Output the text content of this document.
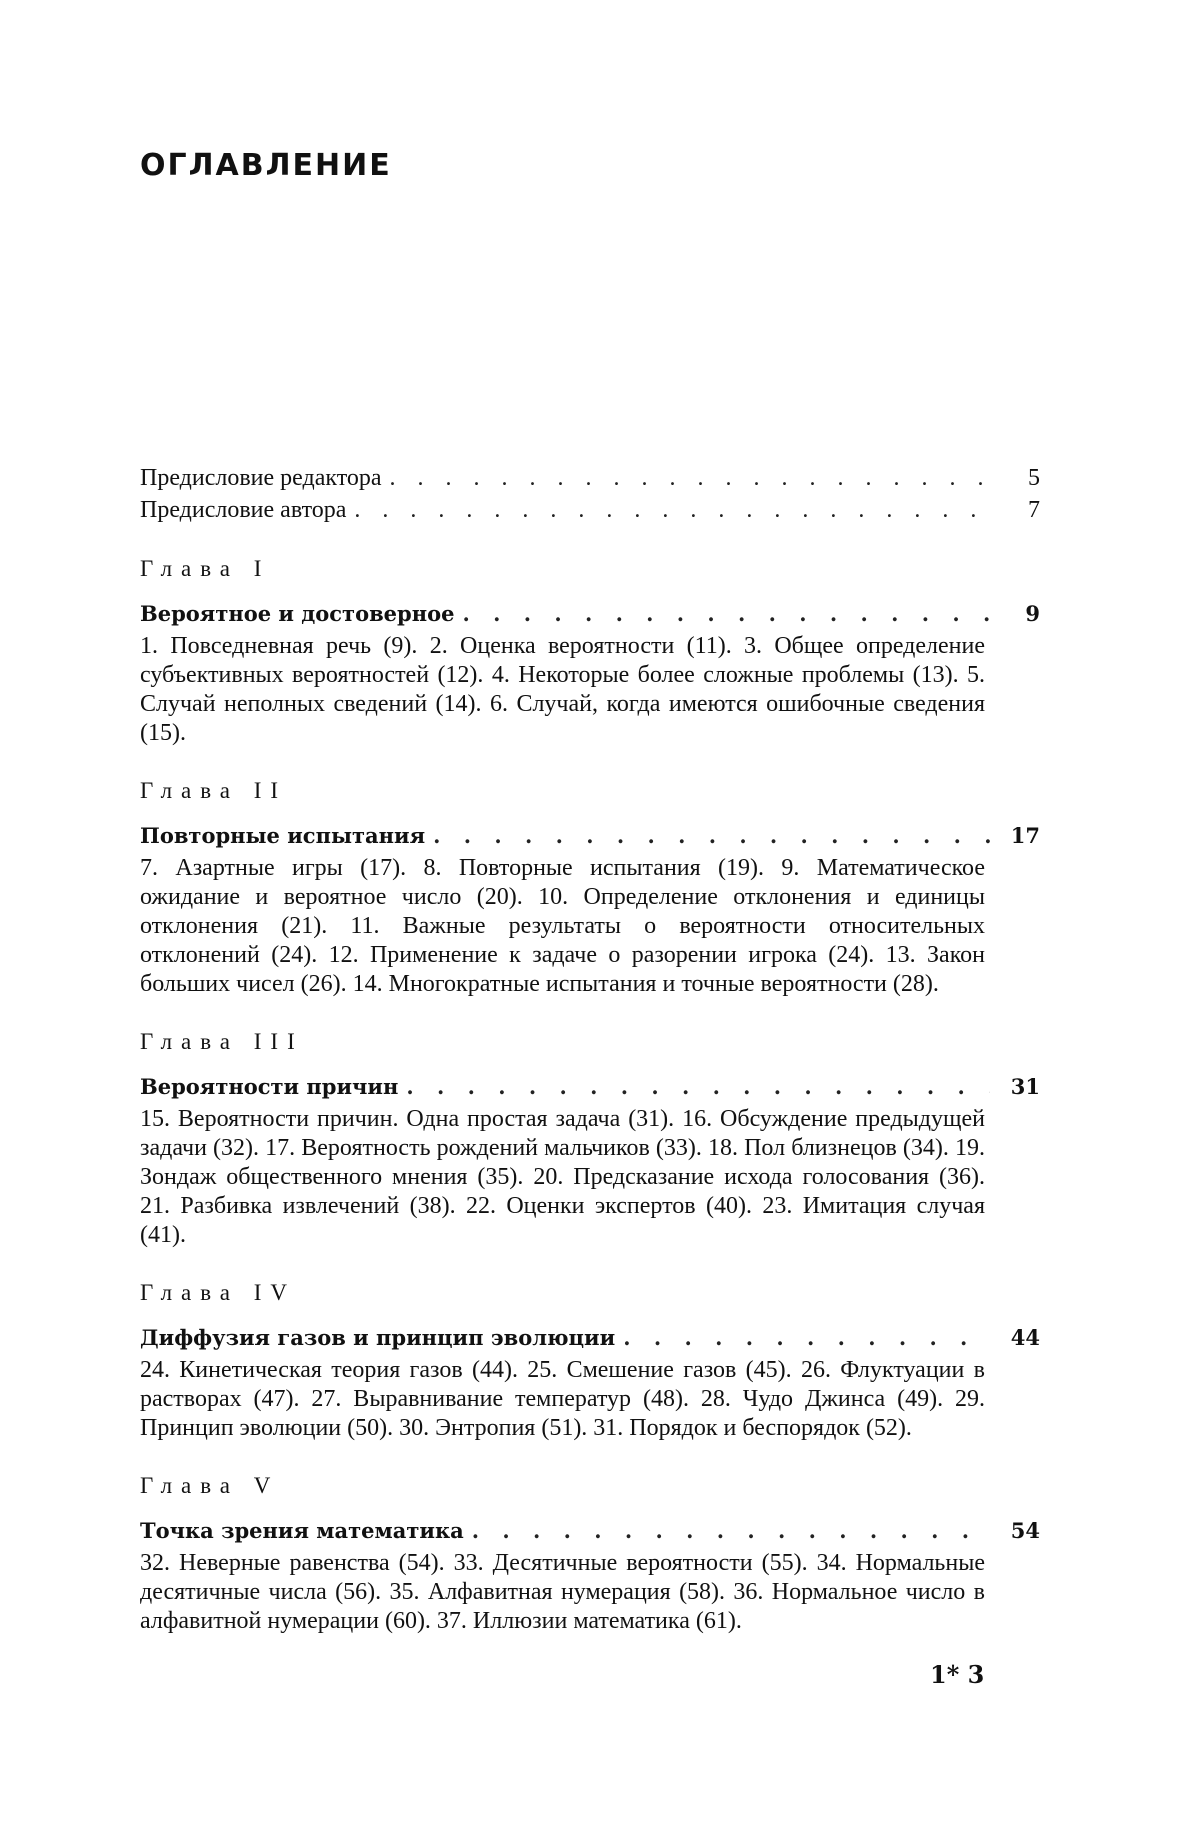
ОГЛАВЛЕНИЕ
Предисловие редактора . . .	5
Предисловие автора . . .	7
Глава I
Вероятное и достоверное . . .	9
1. Повседневная речь (9). 2. Оценка вероятности (11). 3. Общее определение субъективных вероятностей (12). 4. Некоторые более сложные проблемы (13). 5. Случай неполных сведений (14). 6. Случай, когда имеются ошибочные сведения (15).
Глава II
Повторные испытания . . .	17
7. Азартные игры (17). 8. Повторные испытания (19). 9. Математическое ожидание и вероятное число (20). 10. Определение отклонения и единицы отклонения (21). 11. Важные результаты о вероятности относительных отклонений (24). 12. Применение к задаче о разорении игрока (24). 13. Закон больших чисел (26). 14. Многократные испытания и точные вероятности (28).
Глава III
Вероятности причин . . .	31
15. Вероятности причин. Одна простая задача (31). 16. Обсуждение предыдущей задачи (32). 17. Вероятность рождений мальчиков (33). 18. Пол близнецов (34). 19. Зондаж общественного мнения (35). 20. Предсказание исхода голосования (36). 21. Разбивка извлечений (38). 22. Оценки экспертов (40). 23. Имитация случая (41).
Глава IV
Диффузия газов и принцип эволюции . . .	44
24. Кинетическая теория газов (44). 25. Смешение газов (45). 26. Флуктуации в растворах (47). 27. Выравнивание температур (48). 28. Чудо Джинса (49). 29. Принцип эволюции (50). 30. Энтропия (51). 31. Порядок и беспорядок (52).
Глава V
Точка зрения математика . . .	54
32. Неверные равенства (54). 33. Десятичные вероятности (55). 34. Нормальные десятичные числа (56). 35. Алфавитная нумерация (58). 36. Нормальное число в алфавитной нумерации (60). 37. Иллюзии математика (61).
1* 3
